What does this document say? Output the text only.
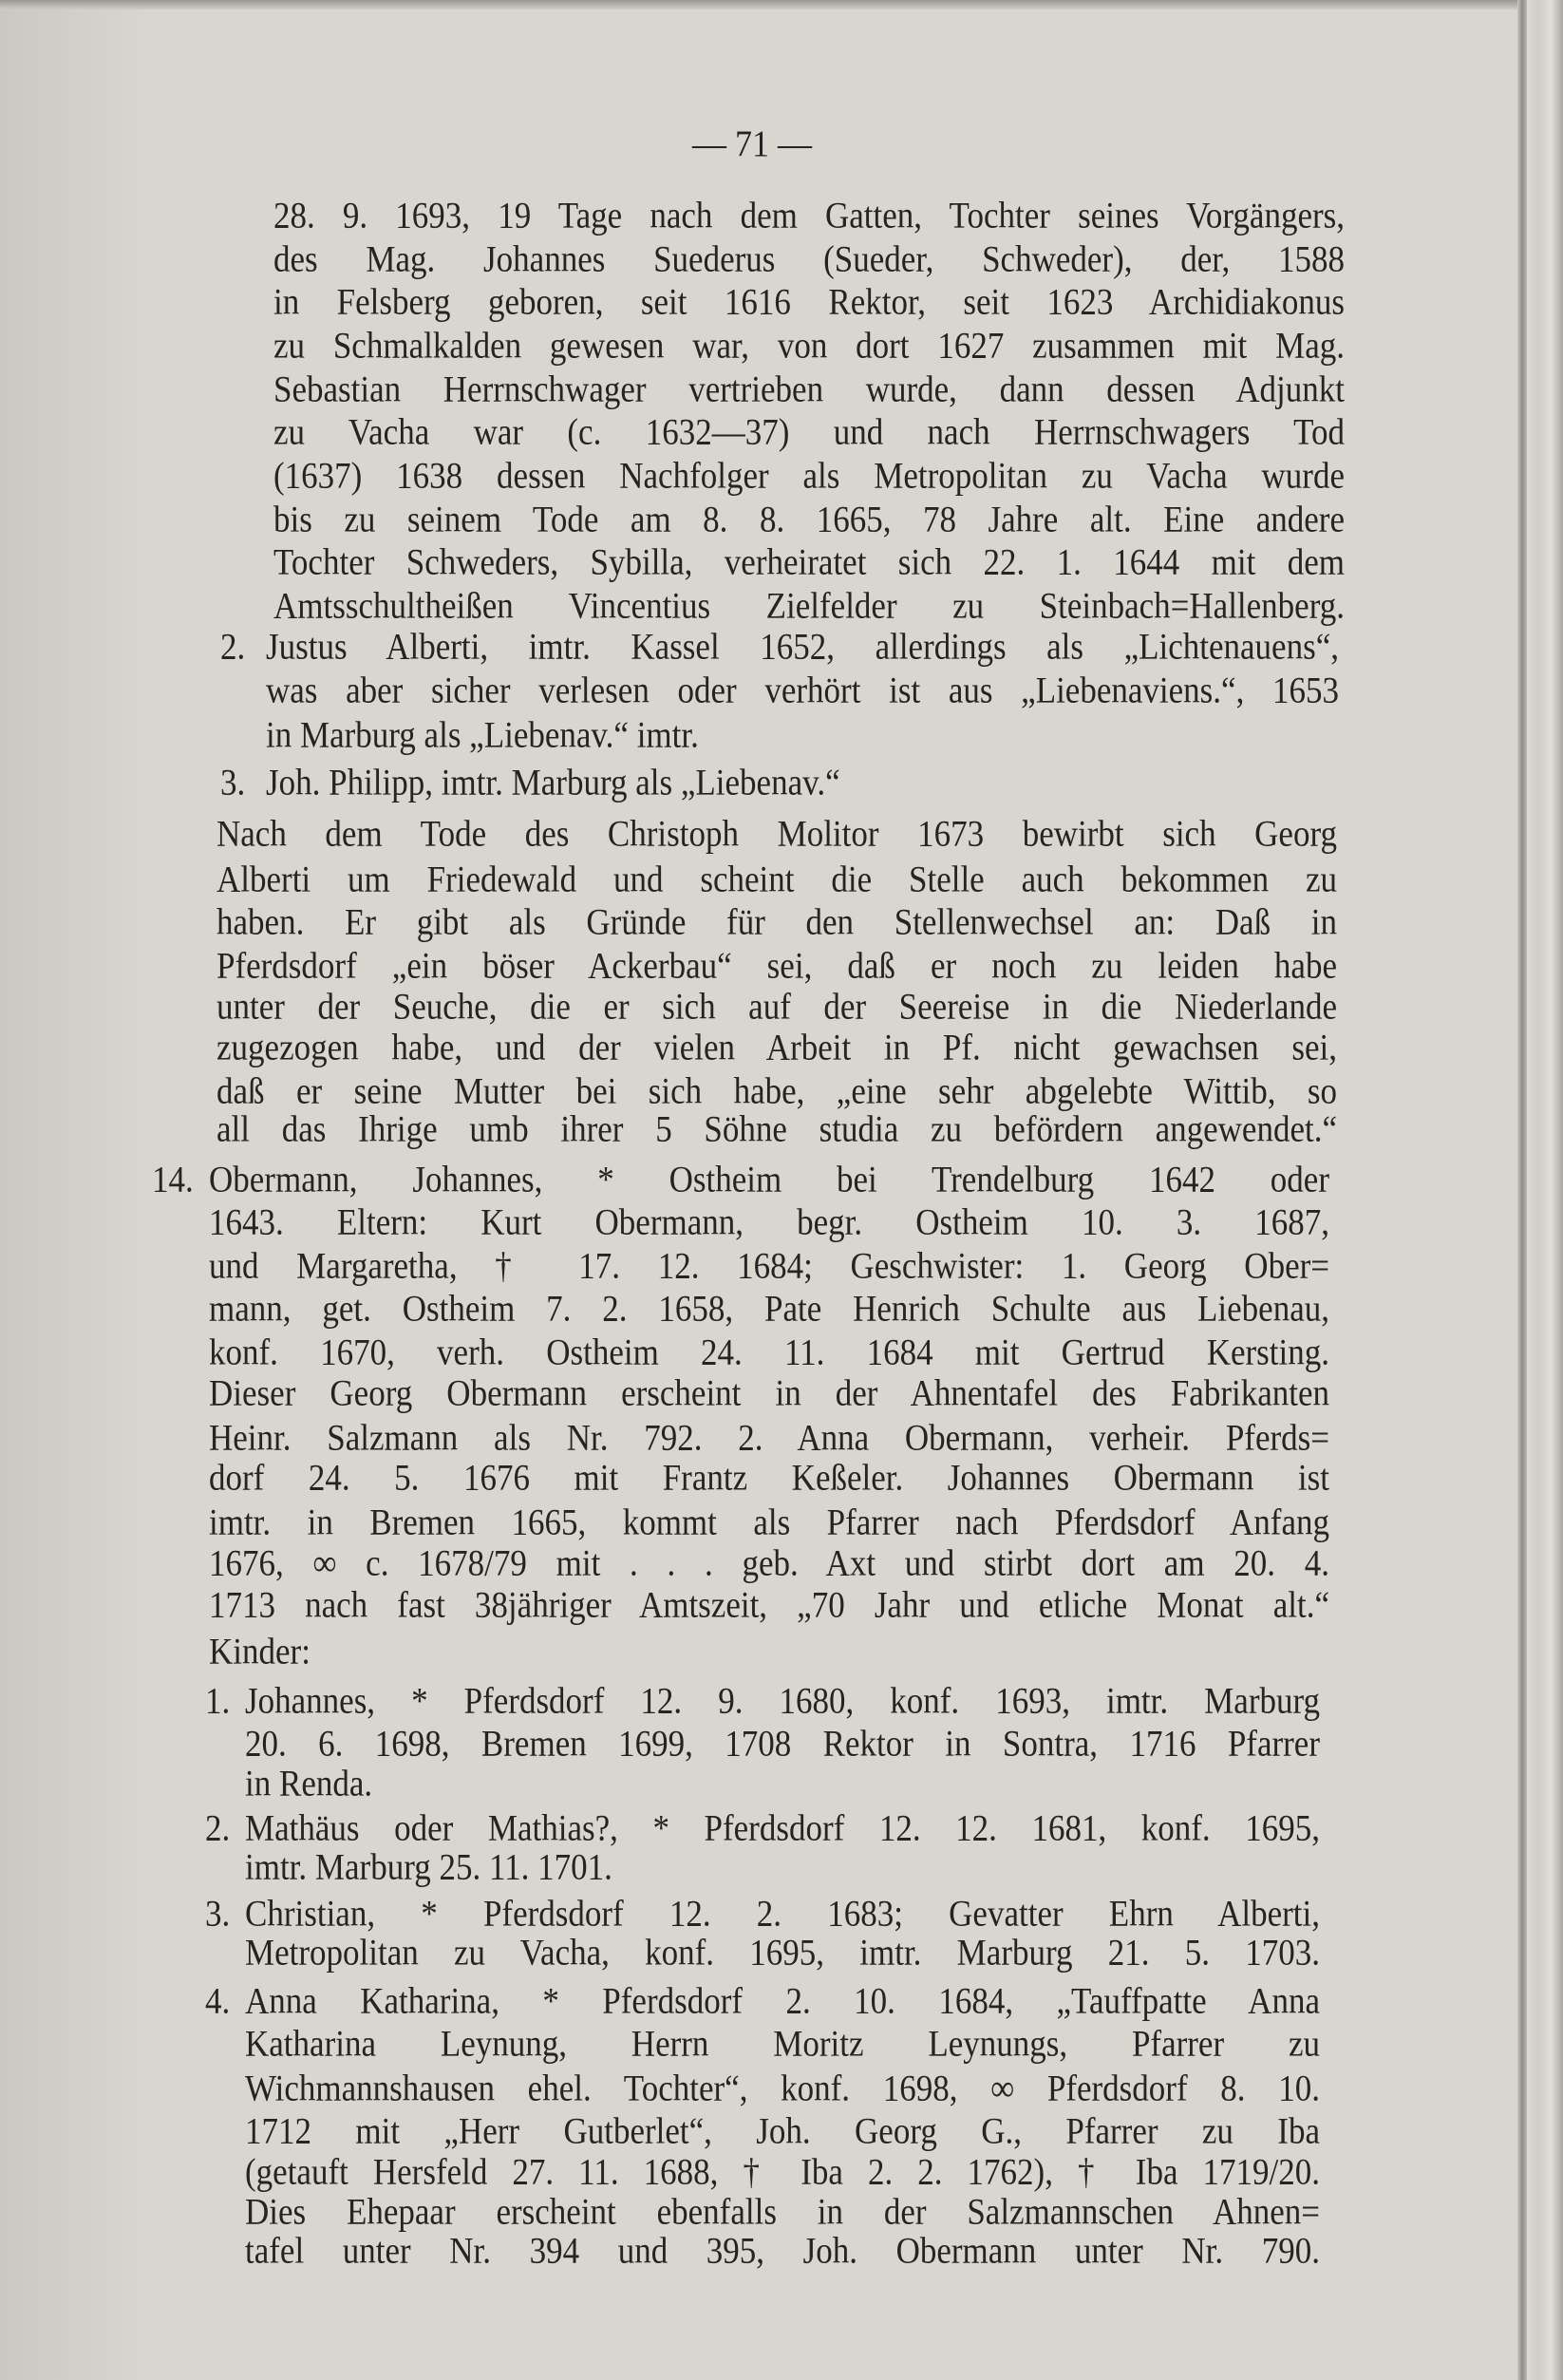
— 71 —
28. 9. 1693, 19 Tage nach dem Gatten, Tochter seines Vorgängers,
des Mag. Johannes Suederus (Sueder, Schweder), der, 1588
in Felsberg geboren, seit 1616 Rektor, seit 1623 Archidiakonus
zu Schmalkalden gewesen war, von dort 1627 zusammen mit Mag.
Sebastian Herrnschwager vertrieben wurde, dann dessen Adjunkt
zu Vacha war (c. 1632—37) und nach Herrnschwagers Tod
(1637) 1638 dessen Nachfolger als Metropolitan zu Vacha wurde
bis zu seinem Tode am 8. 8. 1665, 78 Jahre alt. Eine andere
Tochter Schweders, Sybilla, verheiratet sich 22. 1. 1644 mit dem
Amtsschultheißen Vincentius Zielfelder zu Steinbach=Hallenberg.
2. Justus Alberti, imtr. Kassel 1652, allerdings als „Lichtenauens“,
was aber sicher verlesen oder verhört ist aus „Liebenaviens.“, 1653
in Marburg als „Liebenav.“ imtr.
3. Joh. Philipp, imtr. Marburg als „Liebenav.“
Nach dem Tode des Christoph Molitor 1673 bewirbt sich Georg
Alberti um Friedewald und scheint die Stelle auch bekommen zu
haben. Er gibt als Gründe für den Stellenwechsel an: Daß in
Pferdsdorf „ein böser Ackerbau“ sei, daß er noch zu leiden habe
unter der Seuche, die er sich auf der Seereise in die Niederlande
zugezogen habe, und der vielen Arbeit in Pf. nicht gewachsen sei,
daß er seine Mutter bei sich habe, „eine sehr abgelebte Wittib, so
all das Ihrige umb ihrer 5 Söhne studia zu befördern angewendet.“
14. Obermann, Johannes, * Ostheim bei Trendelburg 1642 oder
1643. Eltern: Kurt Obermann, begr. Ostheim 10. 3. 1687,
und Margaretha, † 17. 12. 1684; Geschwister: 1. Georg Ober=
mann, get. Ostheim 7. 2. 1658, Pate Henrich Schulte aus Liebenau,
konf. 1670, verh. Ostheim 24. 11. 1684 mit Gertrud Kersting.
Dieser Georg Obermann erscheint in der Ahnentafel des Fabrikanten
Heinr. Salzmann als Nr. 792. 2. Anna Obermann, verheir. Pferds=
dorf 24. 5. 1676 mit Frantz Keßeler. Johannes Obermann ist
imtr. in Bremen 1665, kommt als Pfarrer nach Pferdsdorf Anfang
1676, ∞ c. 1678/79 mit . . . geb. Axt und stirbt dort am 20. 4.
1713 nach fast 38jähriger Amtszeit, „70 Jahr und etliche Monat alt.“
Kinder:
1. Johannes, * Pferdsdorf 12. 9. 1680, konf. 1693, imtr. Marburg
20. 6. 1698, Bremen 1699, 1708 Rektor in Sontra, 1716 Pfarrer
in Renda.
2. Mathäus oder Mathias?, * Pferdsdorf 12. 12. 1681, konf. 1695,
imtr. Marburg 25. 11. 1701.
3. Christian, * Pferdsdorf 12. 2. 1683; Gevatter Ehrn Alberti,
Metropolitan zu Vacha, konf. 1695, imtr. Marburg 21. 5. 1703.
4. Anna Katharina, * Pferdsdorf 2. 10. 1684, „Tauffpatte Anna
Katharina Leynung, Herrn Moritz Leynungs, Pfarrer zu
Wichmannshausen ehel. Tochter“, konf. 1698, ∞ Pferdsdorf 8. 10.
1712 mit „Herr Gutberlet“, Joh. Georg G., Pfarrer zu Iba
(getauft Hersfeld 27. 11. 1688, † Iba 2. 2. 1762), † Iba 1719/20.
Dies Ehepaar erscheint ebenfalls in der Salzmannschen Ahnen=
tafel unter Nr. 394 und 395, Joh. Obermann unter Nr. 790.
